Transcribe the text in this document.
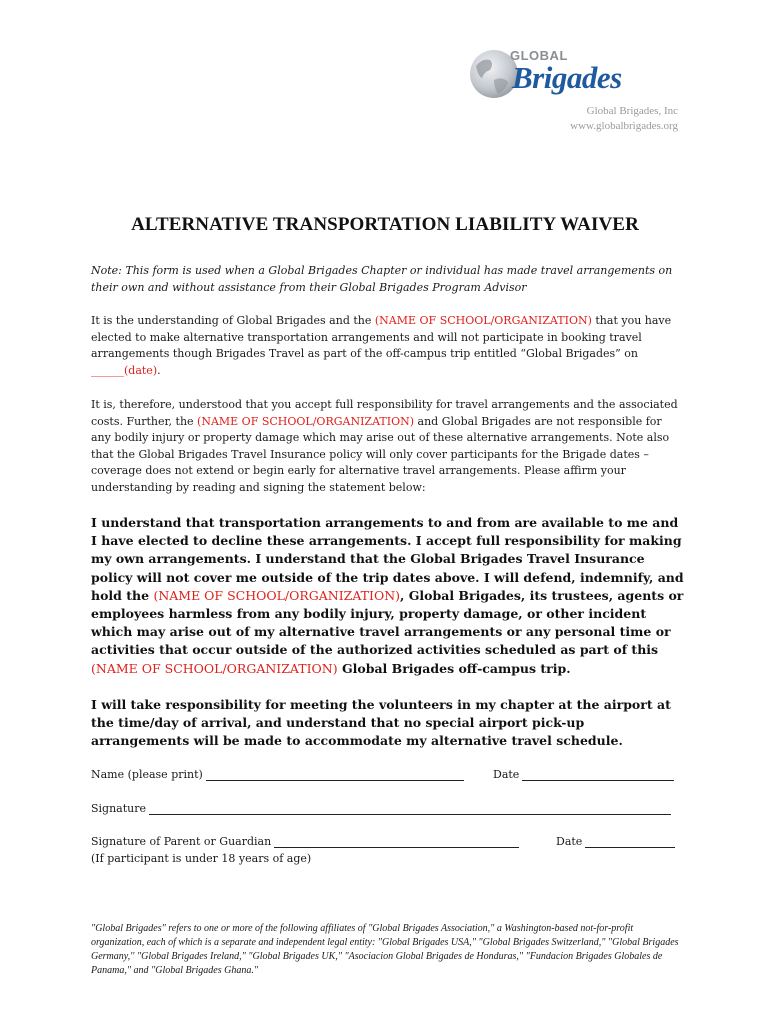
GLOBAL
Brigades
Global Brigades, Inc
www.globalbrigades.org
ALTERNATIVE TRANSPORTATION LIABILITY WAIVER
Note: This form is used when a Global Brigades Chapter or individual has made travel arrangements on their own and without assistance from their Global Brigades Program Advisor
It is the understanding of Global Brigades and the (NAME OF SCHOOL/ORGANIZATION) that you have elected to make alternative transportation arrangements and will not participate in booking travel arrangements though Brigades Travel as part of the off-campus trip entitled “Global Brigades” on ______(date).
It is, therefore, understood that you accept full responsibility for travel arrangements and the associated costs. Further, the (NAME OF SCHOOL/ORGANIZATION) and Global Brigades are not responsible for any bodily injury or property damage which may arise out of these alternative arrangements. Note also that the Global Brigades Travel Insurance policy will only cover participants for the Brigade dates – coverage does not extend or begin early for alternative travel arrangements. Please affirm your understanding by reading and signing the statement below:
I understand that transportation arrangements to and from are available to me and I have elected to decline these arrangements. I accept full responsibility for making my own arrangements. I understand that the Global Brigades Travel Insurance policy will not cover me outside of the trip dates above. I will defend, indemnify, and hold the (NAME OF SCHOOL/ORGANIZATION), Global Brigades, its trustees, agents or employees harmless from any bodily injury, property damage, or other incident which may arise out of my alternative travel arrangements or any personal time or activities that occur outside of the authorized activities scheduled as part of this (NAME OF SCHOOL/ORGANIZATION) Global Brigades off-campus trip.
I will take responsibility for meeting the volunteers in my chapter at the airport at the time/day of arrival, and understand that no special airport pick-up arrangements will be made to accommodate my alternative travel schedule.
Name (please print)	Date
Signature
Signature of Parent or Guardian	Date
(If participant is under 18 years of age)
"Global Brigades" refers to one or more of the following affiliates of "Global Brigades Association," a Washington-based not-for-profit organization, each of which is a separate and independent legal entity: "Global Brigades USA," "Global Brigades Switzerland," "Global Brigades Germany,'' "Global Brigades Ireland," "Global Brigades UK," "Asociacion Global Brigades de Honduras," "Fundacion Brigades Globales de Panama," and "Global Brigades Ghana."
